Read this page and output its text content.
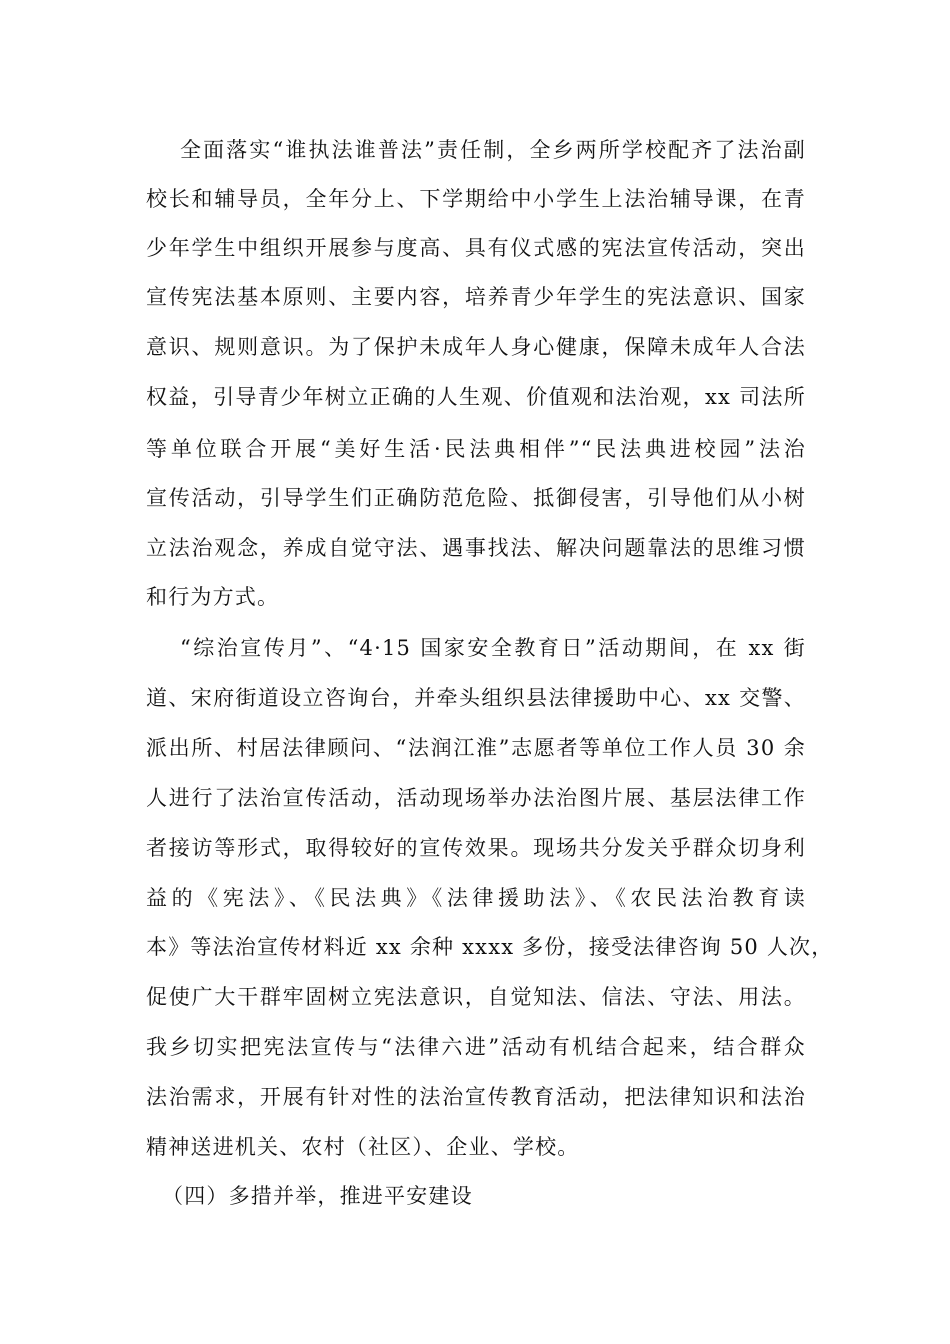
全面落实“谁执法谁普法”责任制，全乡两所学校配齐了法治副
校长和辅导员，全年分上、下学期给中小学生上法治辅导课，在青
少年学生中组织开展参与度高、具有仪式感的宪法宣传活动，突出
宣传宪法基本原则、主要内容，培养青少年学生的宪法意识、国家
意识、规则意识。为了保护未成年人身心健康，保障未成年人合法
权益，引导青少年树立正确的人生观、价值观和法治观，xx 司法所
等单位联合开展“美好生活·民法典相伴”“民法典进校园”法治
宣传活动，引导学生们正确防范危险、抵御侵害，引导他们从小树
立法治观念，养成自觉守法、遇事找法、解决问题靠法的思维习惯
和行为方式。
“综治宣传月”、“4·15 国家安全教育日”活动期间，在 xx 街
道、宋府街道设立咨询台，并牵头组织县法律援助中心、xx 交警、
派出所、村居法律顾问、“法润江淮”志愿者等单位工作人员 30 余
人进行了法治宣传活动，活动现场举办法治图片展、基层法律工作
者接访等形式，取得较好的宣传效果。现场共分发关乎群众切身利
益的《宪法》、《民法典》《法律援助法》、《农民法治教育读
本》等法治宣传材料近 xx 余种 xxxx 多份，接受法律咨询 50 人次，
促使广大干群牢固树立宪法意识，自觉知法、信法、守法、用法。
我乡切实把宪法宣传与“法律六进”活动有机结合起来，结合群众
法治需求，开展有针对性的法治宣传教育活动，把法律知识和法治
精神送进机关、农村（社区）、企业、学校。
（四）多措并举，推进平安建设
